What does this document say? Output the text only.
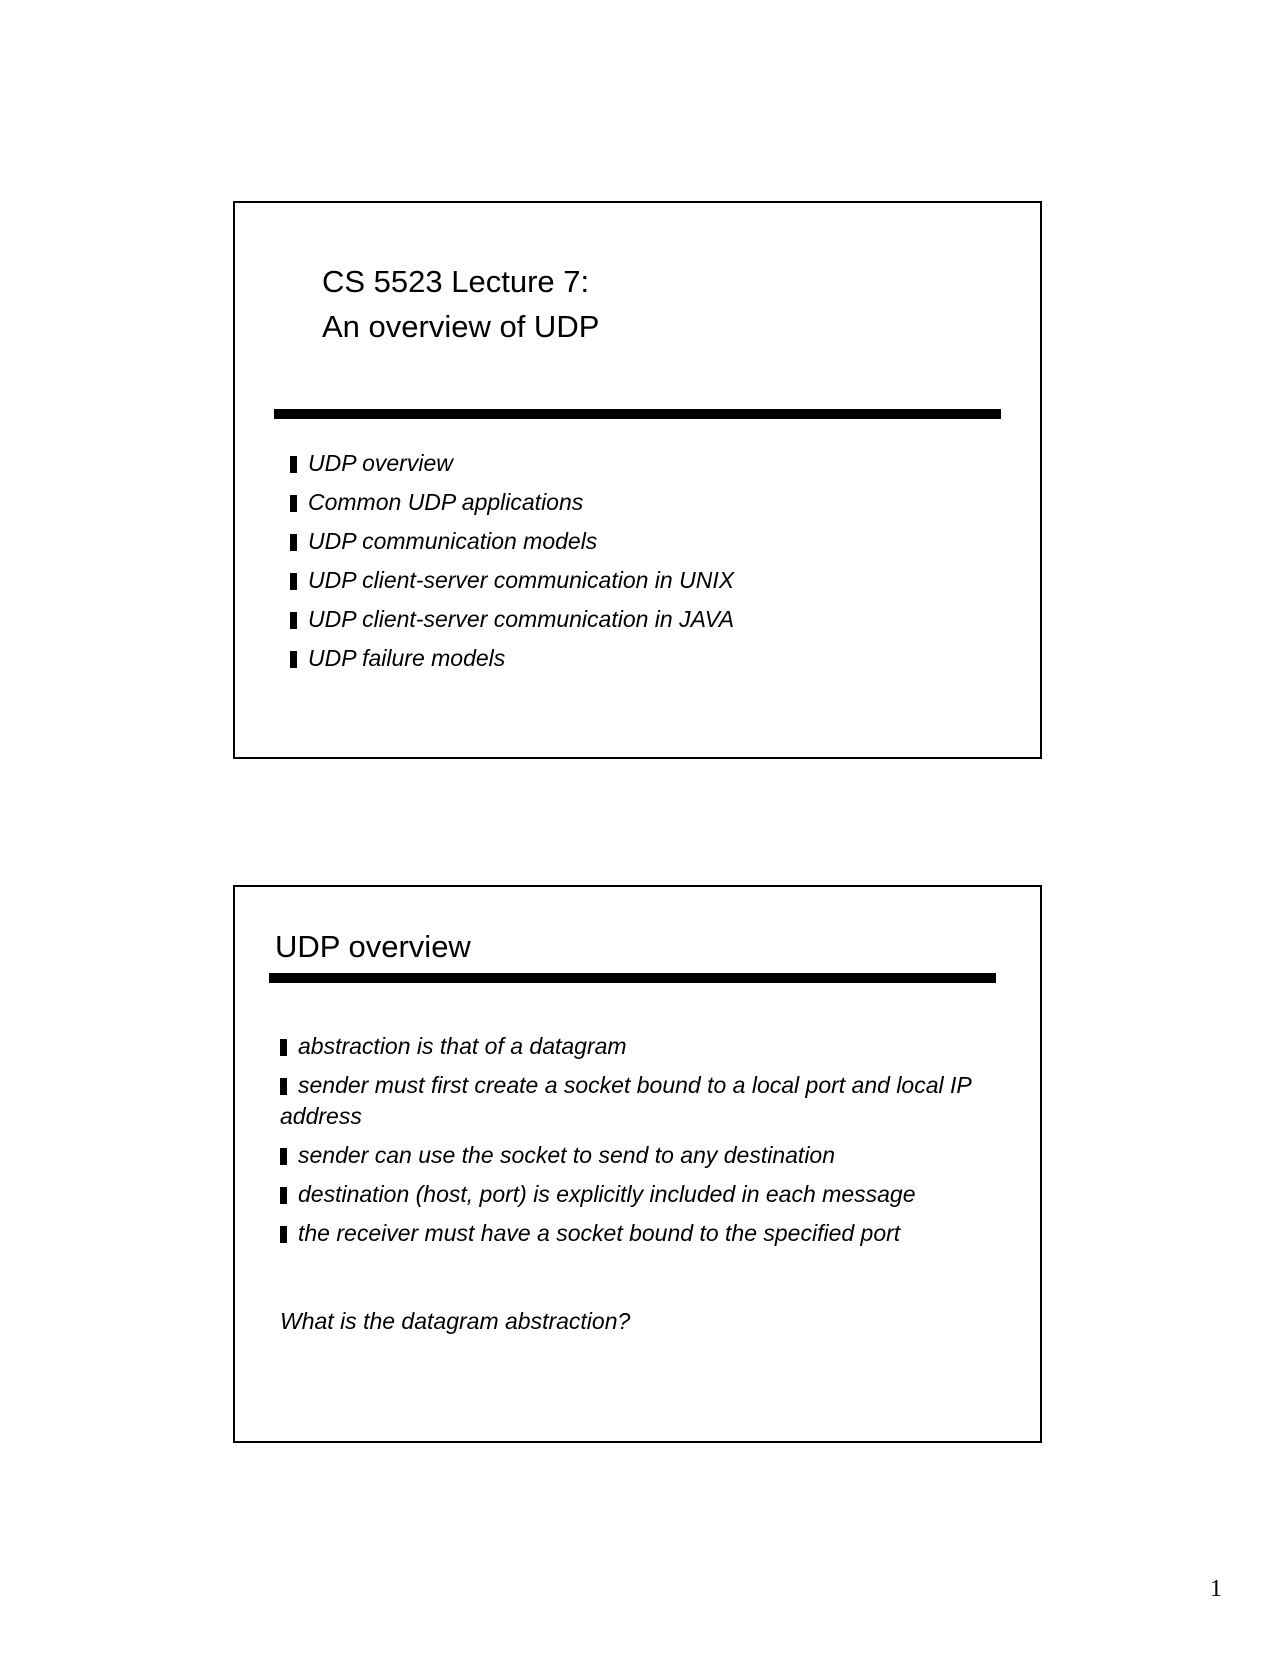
CS 5523 Lecture 7:
An overview of UDP
UDP overview
Common UDP applications
UDP communication models
UDP client-server communication in UNIX
UDP client-server communication in JAVA
UDP failure models
UDP overview
abstraction is that of a datagram
sender must first create a socket bound to a local port and local IP address
sender can use the socket to send to any destination
destination (host, port) is explicitly included in each message
the receiver must have a socket bound to the specified port
What is the datagram abstraction?
1
